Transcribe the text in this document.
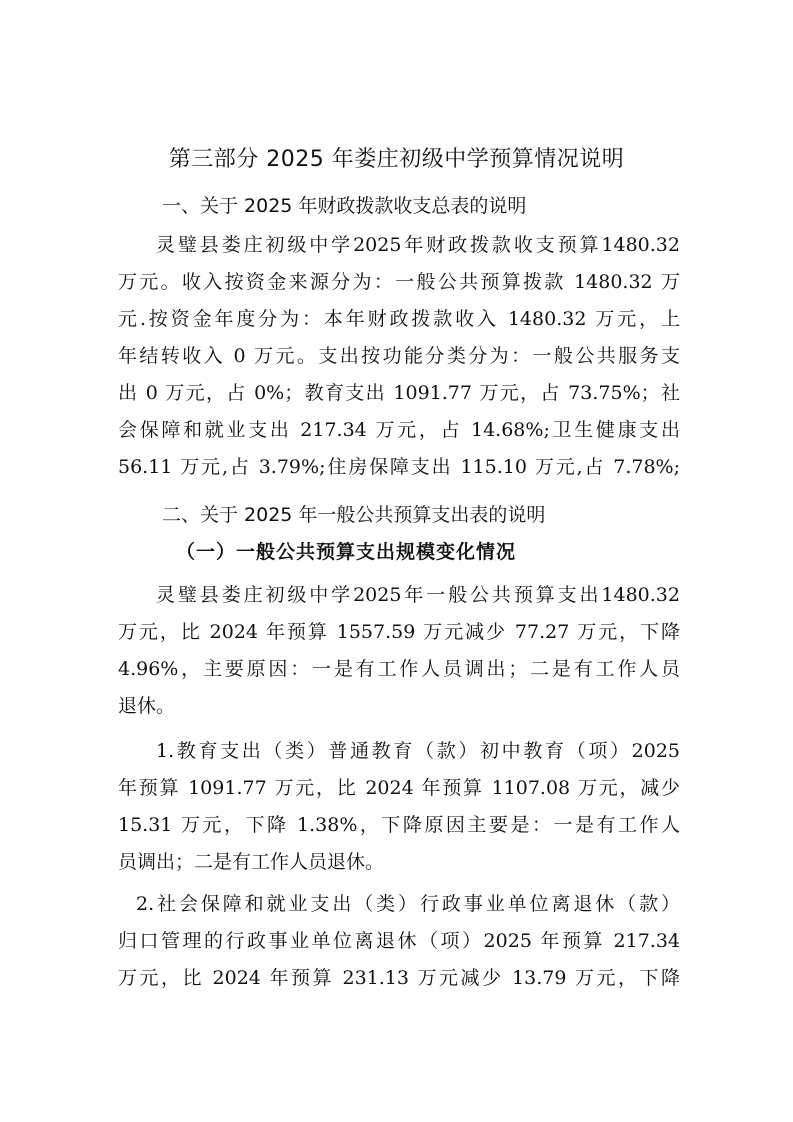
第三部分 2025 年娄庄初级中学预算情况说明
一、关于 2025 年财政拨款收支总表的说明
灵璧县娄庄初级中学2025年财政拨款收支预算1480.32
万元。收入按资金来源分为：一般公共预算拨款 1480.32 万
元.按资金年度分为：本年财政拨款收入 1480.32 万元，上
年结转收入 0 万元。支出按功能分类分为：一般公共服务支
出 0 万元，占 0%；教育支出 1091.77 万元，占 73.75%；社
会保障和就业支出 217.34 万元，占 14.68%;卫生健康支出
56.11 万元,占 3.79%;住房保障支出 115.10 万元,占 7.78%;
二、关于 2025 年一般公共预算支出表的说明
（一）一般公共预算支出规模变化情况
灵璧县娄庄初级中学2025年一般公共预算支出1480.32
万元，比 2024 年预算 1557.59 万元减少 77.27 万元，下降
4.96%，主要原因：一是有工作人员调出；二是有工作人员
退休。
1.教育支出（类）普通教育（款）初中教育（项）2025
年预算 1091.77 万元，比 2024 年预算 1107.08 万元，减少
15.31 万元，下降 1.38%，下降原因主要是：一是有工作人
员调出；二是有工作人员退休。
2.社会保障和就业支出（类）行政事业单位离退休（款）
归口管理的行政事业单位离退休（项）2025 年预算 217.34
万元，比 2024 年预算 231.13 万元减少 13.79 万元，下降
